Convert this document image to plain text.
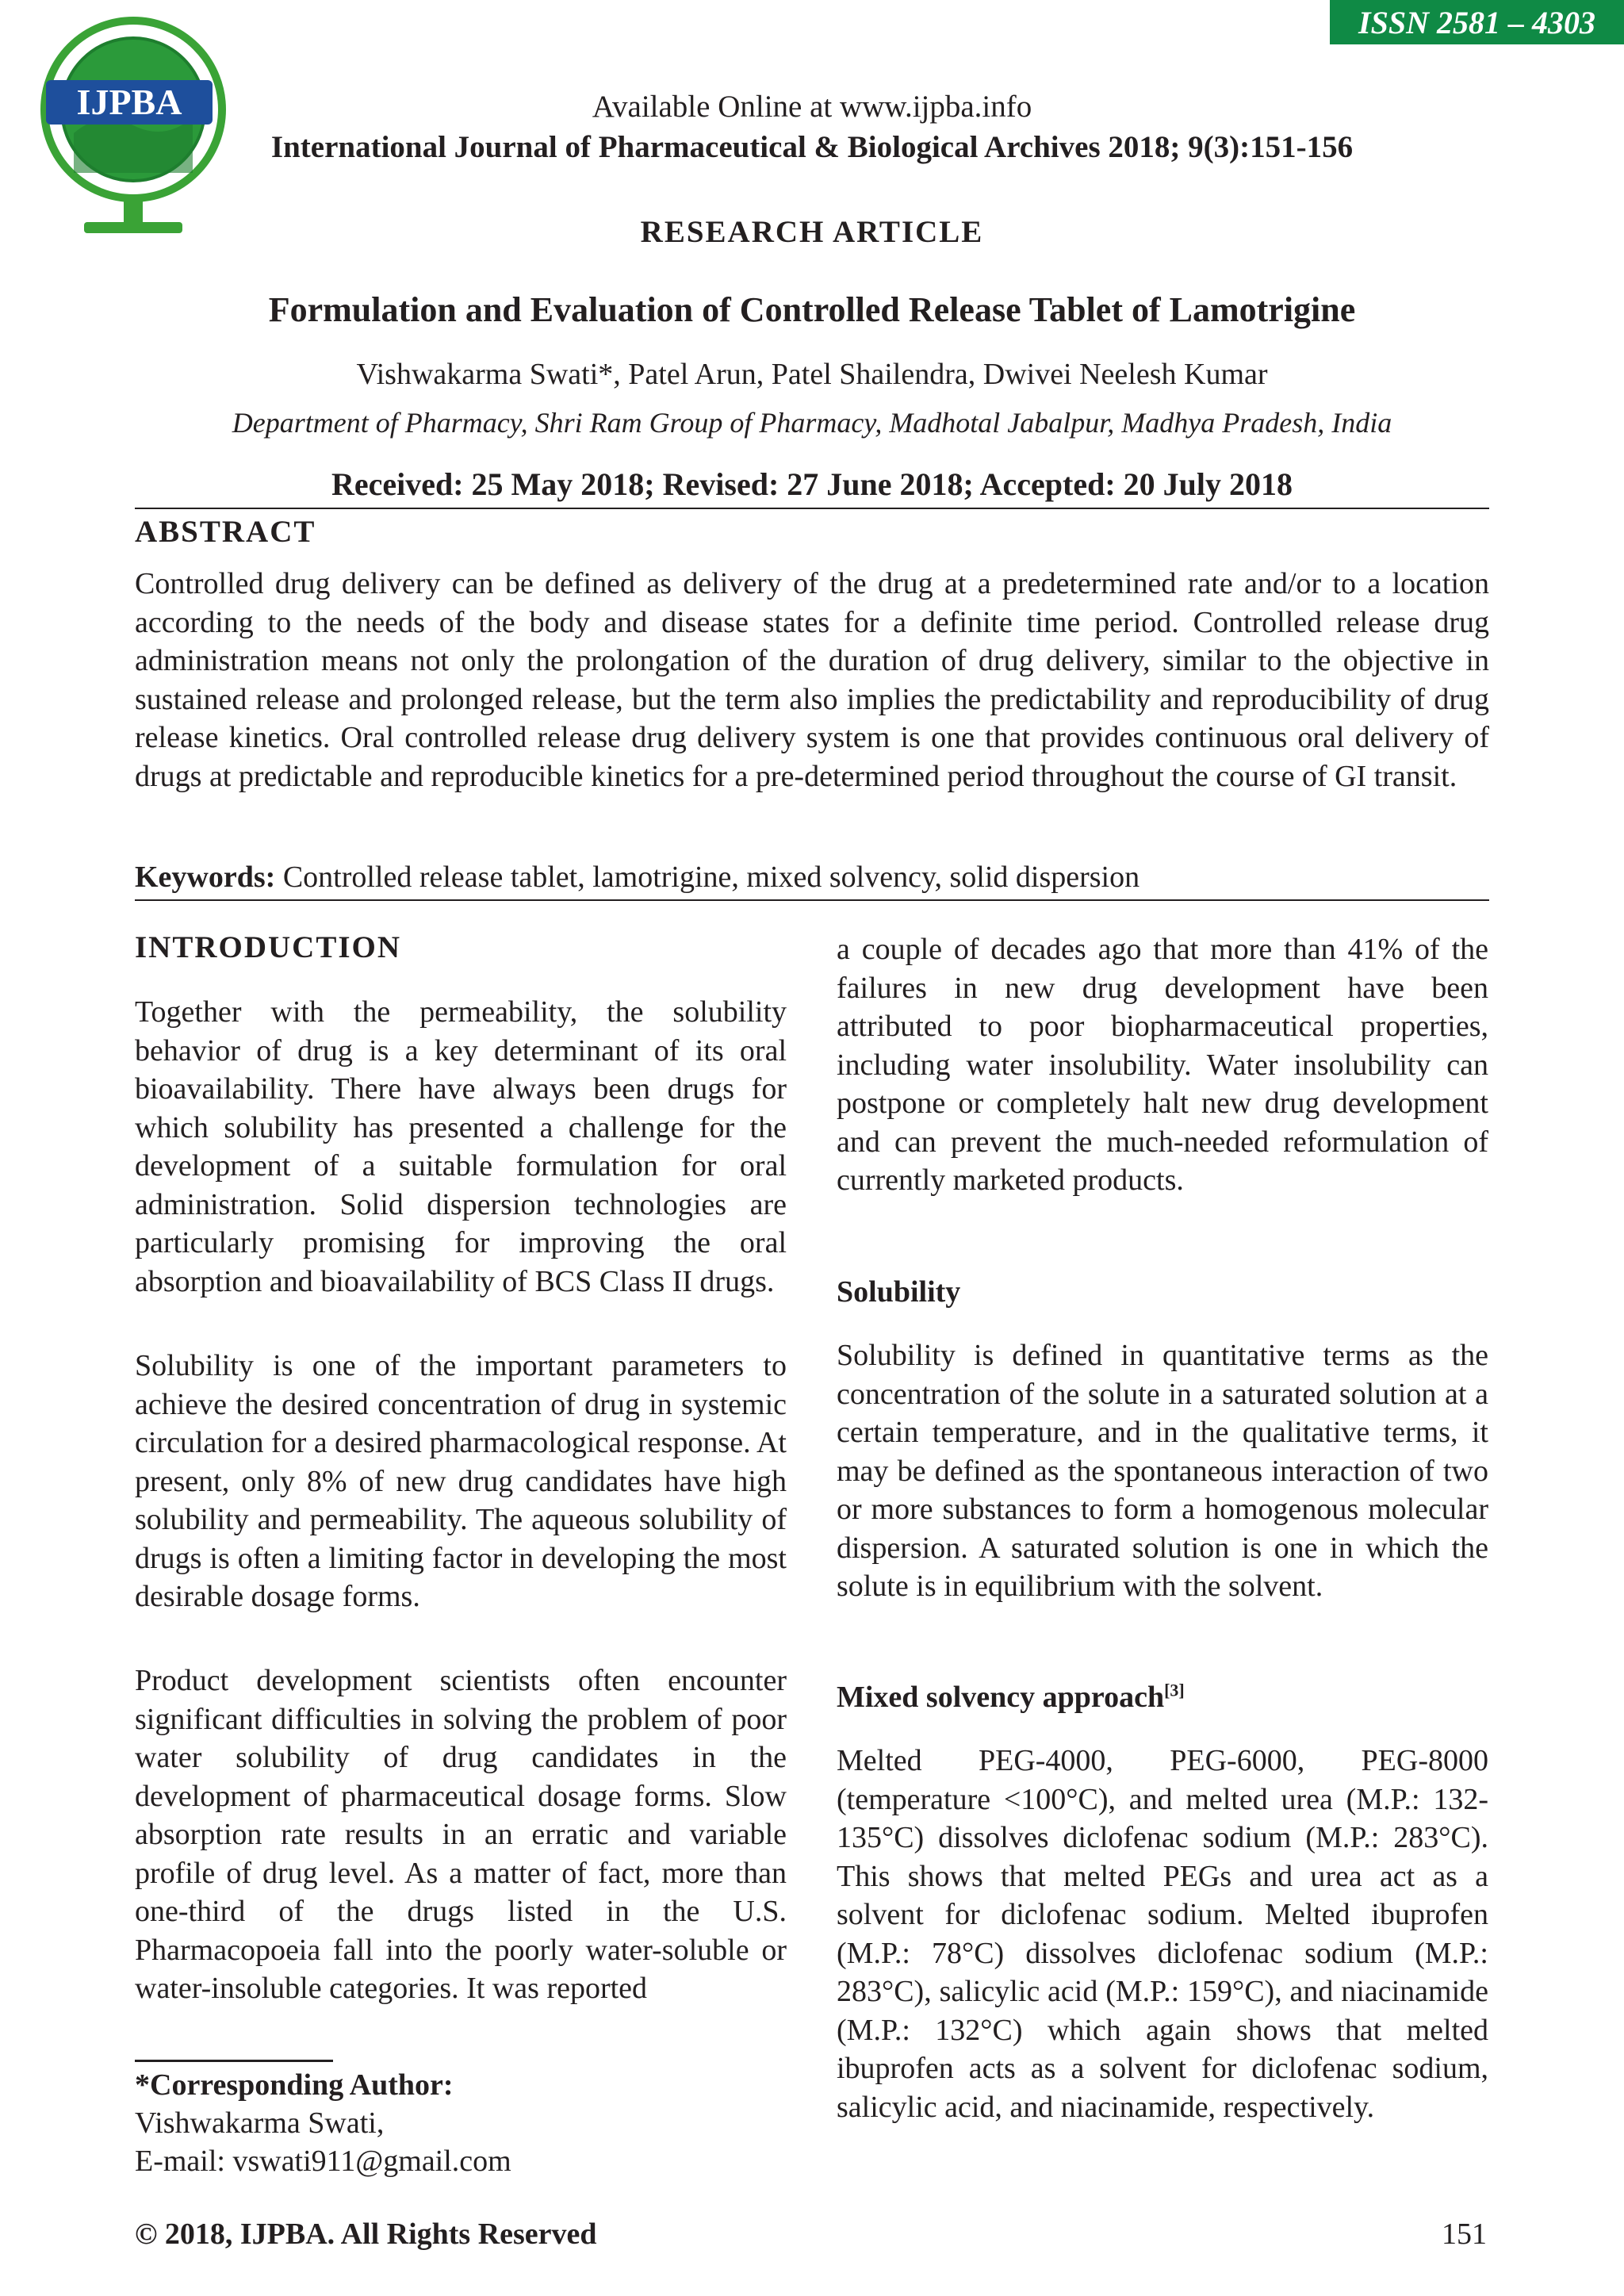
ISSN 2581 – 4303
IJPBA	Available Online at www.ijpba.info
International Journal of Pharmaceutical & Biological Archives 2018; 9(3):151-156
RESEARCH ARTICLE
Formulation and Evaluation of Controlled Release Tablet of Lamotrigine
Vishwakarma Swati*, Patel Arun, Patel Shailendra, Dwivei Neelesh Kumar
Department of Pharmacy, Shri Ram Group of Pharmacy, Madhotal Jabalpur, Madhya Pradesh, India
Received: 25 May 2018; Revised: 27 June 2018; Accepted: 20 July 2018
ABSTRACT
Controlled drug delivery can be defined as delivery of the drug at a predetermined rate and/or to a location according to the needs of the body and disease states for a definite time period. Controlled release drug administration means not only the prolongation of the duration of drug delivery, similar to the objective in sustained release and prolonged release, but the term also implies the predictability and reproducibility of drug release kinetics. Oral controlled release drug delivery system is one that provides continuous oral delivery of drugs at predictable and reproducible kinetics for a pre-determined period throughout the course of GI transit.
Keywords: Controlled release tablet, lamotrigine, mixed solvency, solid dispersion
INTRODUCTION
Together with the permeability, the solubility behavior of drug is a key determinant of its oral bioavailability. There have always been drugs for which solubility has presented a challenge for the development of a suitable formulation for oral administration. Solid dispersion technologies are particularly promising for improving the oral absorption and bioavailability of BCS Class II drugs.
Solubility is one of the important parameters to achieve the desired concentration of drug in systemic circulation for a desired pharmacological response. At present, only 8% of new drug candidates have high solubility and permeability. The aqueous solubility of drugs is often a limiting factor in developing the most desirable dosage forms.
Product development scientists often encounter significant difficulties in solving the problem of poor water solubility of drug candidates in the development of pharmaceutical dosage forms. Slow absorption rate results in an erratic and variable profile of drug level. As a matter of fact, more than one-third of the drugs listed in the U.S. Pharmacopoeia fall into the poorly water-soluble or water-insoluble categories. It was reported
*Corresponding Author:
Vishwakarma Swati,
E-mail: vswati911@gmail.com
a couple of decades ago that more than 41% of the failures in new drug development have been attributed to poor biopharmaceutical properties, including water insolubility. Water insolubility can postpone or completely halt new drug development and can prevent the much-needed reformulation of currently marketed products.
Solubility
Solubility is defined in quantitative terms as the concentration of the solute in a saturated solution at a certain temperature, and in the qualitative terms, it may be defined as the spontaneous interaction of two or more substances to form a homogenous molecular dispersion. A saturated solution is one in which the solute is in equilibrium with the solvent.
Mixed solvency approach[3]
Melted PEG-4000, PEG-6000, PEG-8000 (temperature <100°C), and melted urea (M.P.: 132-135°C) dissolves diclofenac sodium (M.P.: 283°C). This shows that melted PEGs and urea act as a solvent for diclofenac sodium. Melted ibuprofen (M.P.: 78°C) dissolves diclofenac sodium (M.P.: 283°C), salicylic acid (M.P.: 159°C), and niacinamide (M.P.: 132°C) which again shows that melted ibuprofen acts as a solvent for diclofenac sodium, salicylic acid, and niacinamide, respectively.
© 2018, IJPBA. All Rights Reserved	151
